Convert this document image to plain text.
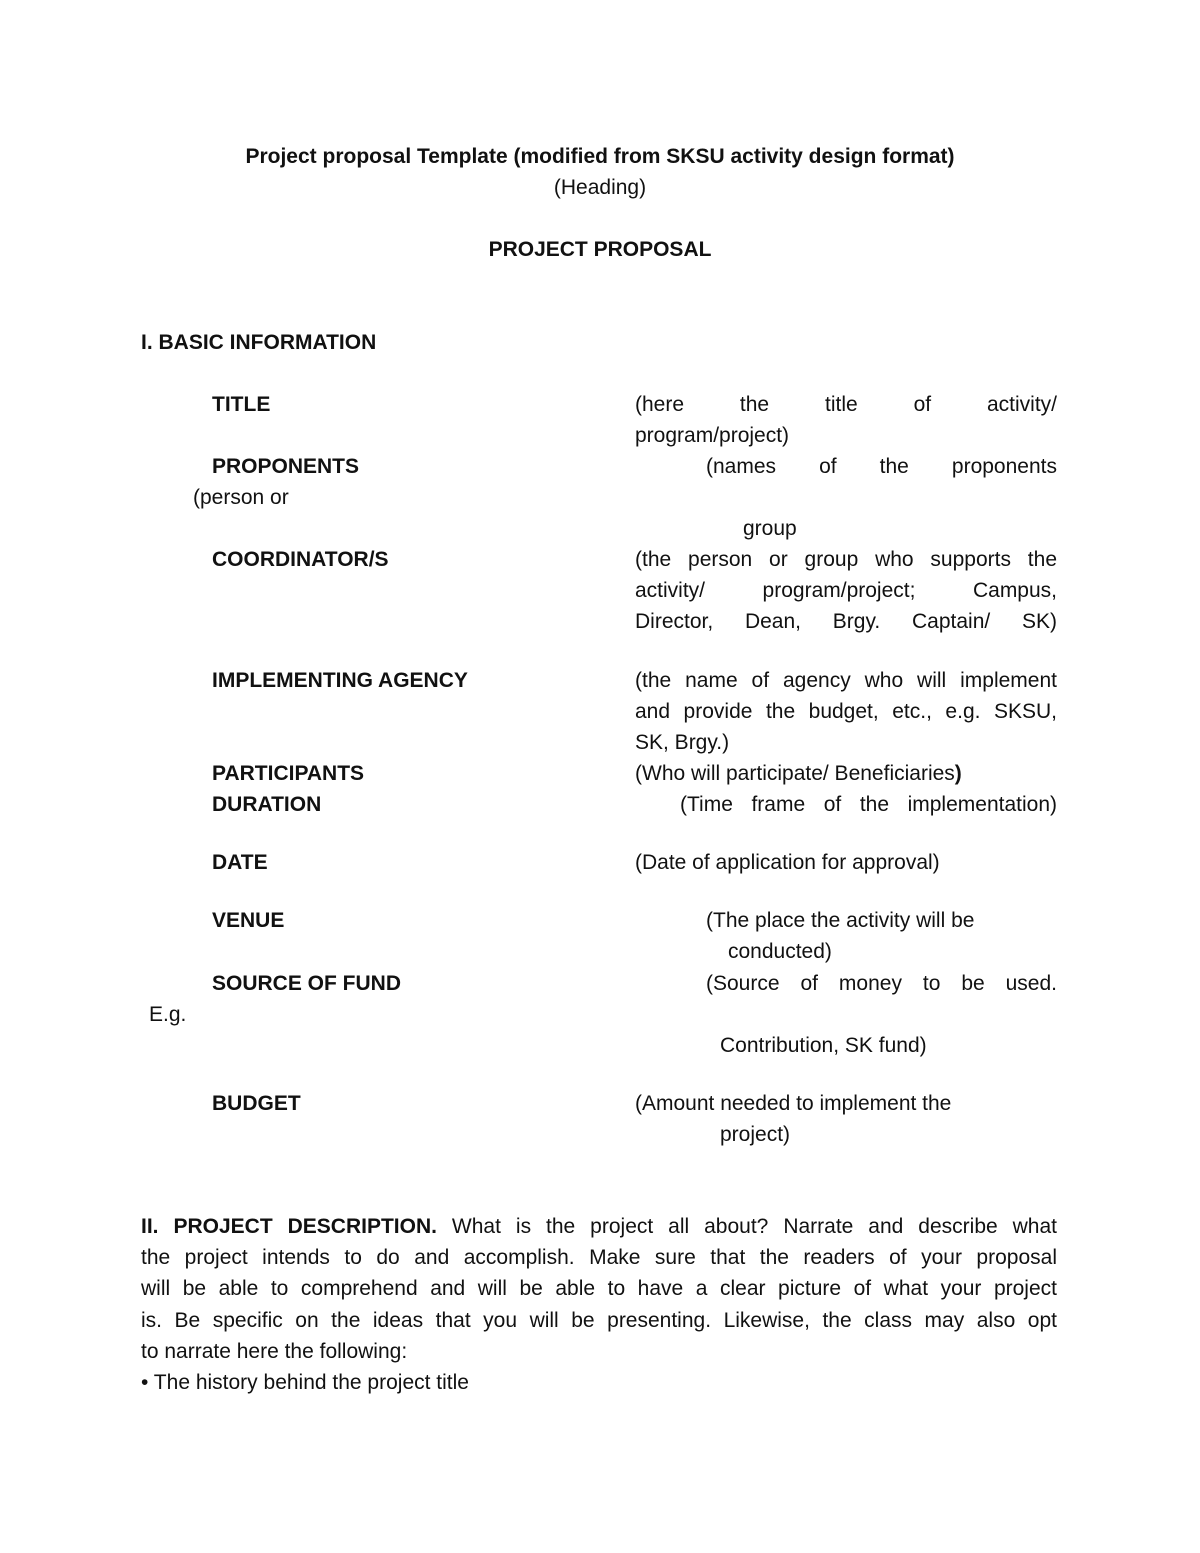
Project proposal Template (modified from SKSU activity design format)
(Heading)
PROJECT PROPOSAL
I. BASIC INFORMATION
TITLE	(here the title of activity/
program/project)
PROPONENTS	(names of the proponents
(person or
group
COORDINATOR/S	(the person or group who supports the
activity/ program/project; Campus,
Director, Dean, Brgy. Captain/ SK)
IMPLEMENTING AGENCY	(the name of agency who will implement
and provide the budget, etc., e.g. SKSU,
SK, Brgy.)
PARTICIPANTS	(Who will participate/ Beneficiaries)
DURATION	(Time frame of the implementation)
DATE	(Date of application for approval)
VENUE	(The place the activity will be
conducted)
SOURCE OF FUND	(Source of money to be used.
E.g.
Contribution, SK fund)
BUDGET	(Amount needed to implement the
project)
II. PROJECT DESCRIPTION. What is the project all about? Narrate and describe what
the project intends to do and accomplish. Make sure that the readers of your proposal
will be able to comprehend and will be able to have a clear picture of what your project
is. Be specific on the ideas that you will be presenting. Likewise, the class may also opt
to narrate here the following:
• The history behind the project title
